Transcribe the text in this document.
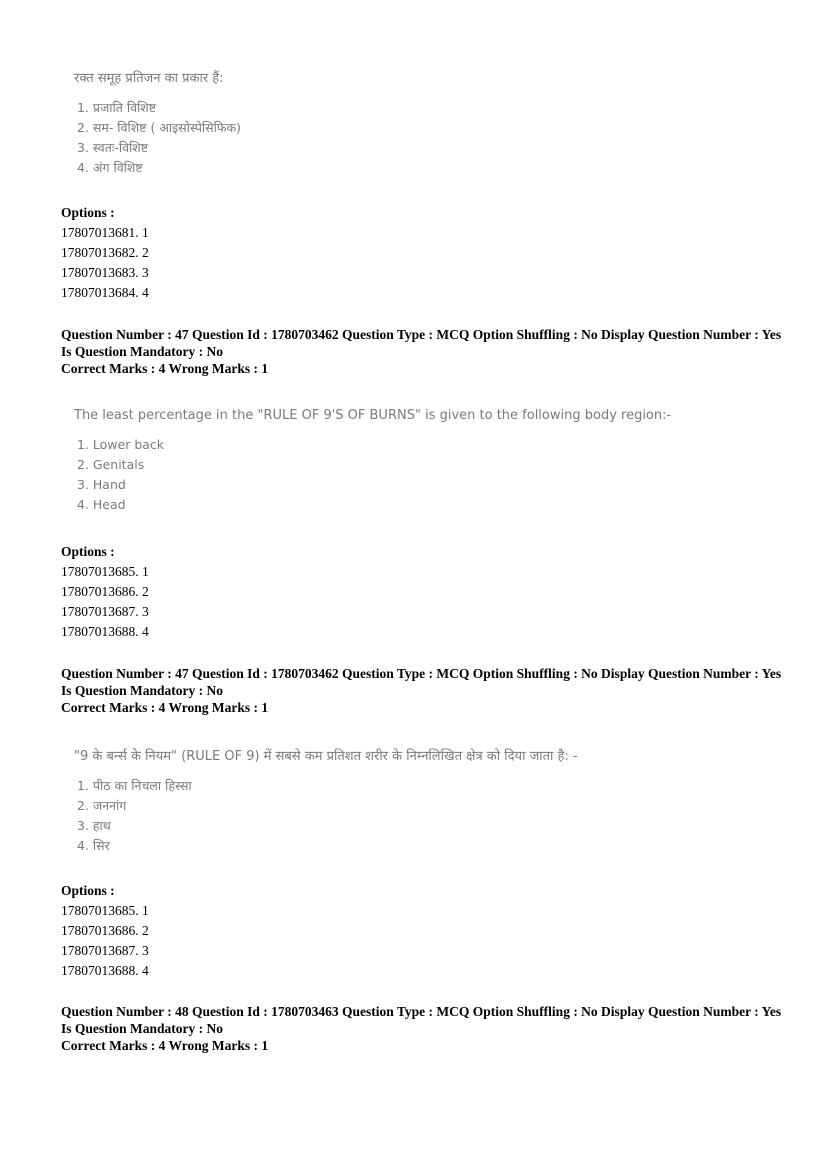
रक्त समूह प्रतिजन का प्रकार हैं:
1. प्रजाति विशिष्ट
2. सम- विशिष्ट ( आइसोस्पेसिफिक)
3. स्वतः-विशिष्ट
4. अंग विशिष्ट
Options :
17807013681. 1
17807013682. 2
17807013683. 3
17807013684. 4
Question Number : 47 Question Id : 1780703462 Question Type : MCQ Option Shuffling : No Display Question Number : Yes
Is Question Mandatory : No
Correct Marks : 4 Wrong Marks : 1
The least percentage in the "RULE OF 9'S OF BURNS" is given to the following body region:-
1. Lower back
2. Genitals
3. Hand
4. Head
Options :
17807013685. 1
17807013686. 2
17807013687. 3
17807013688. 4
Question Number : 47 Question Id : 1780703462 Question Type : MCQ Option Shuffling : No Display Question Number : Yes
Is Question Mandatory : No
Correct Marks : 4 Wrong Marks : 1
"9 के बर्न्स के नियम" (RULE OF 9) में सबसे कम प्रतिशत शरीर के निम्नलिखित क्षेत्र को दिया जाता है: -
1. पीठ का निचला हिस्सा
2. जननांग
3. हाथ
4. सिर
Options :
17807013685. 1
17807013686. 2
17807013687. 3
17807013688. 4
Question Number : 48 Question Id : 1780703463 Question Type : MCQ Option Shuffling : No Display Question Number : Yes
Is Question Mandatory : No
Correct Marks : 4 Wrong Marks : 1
